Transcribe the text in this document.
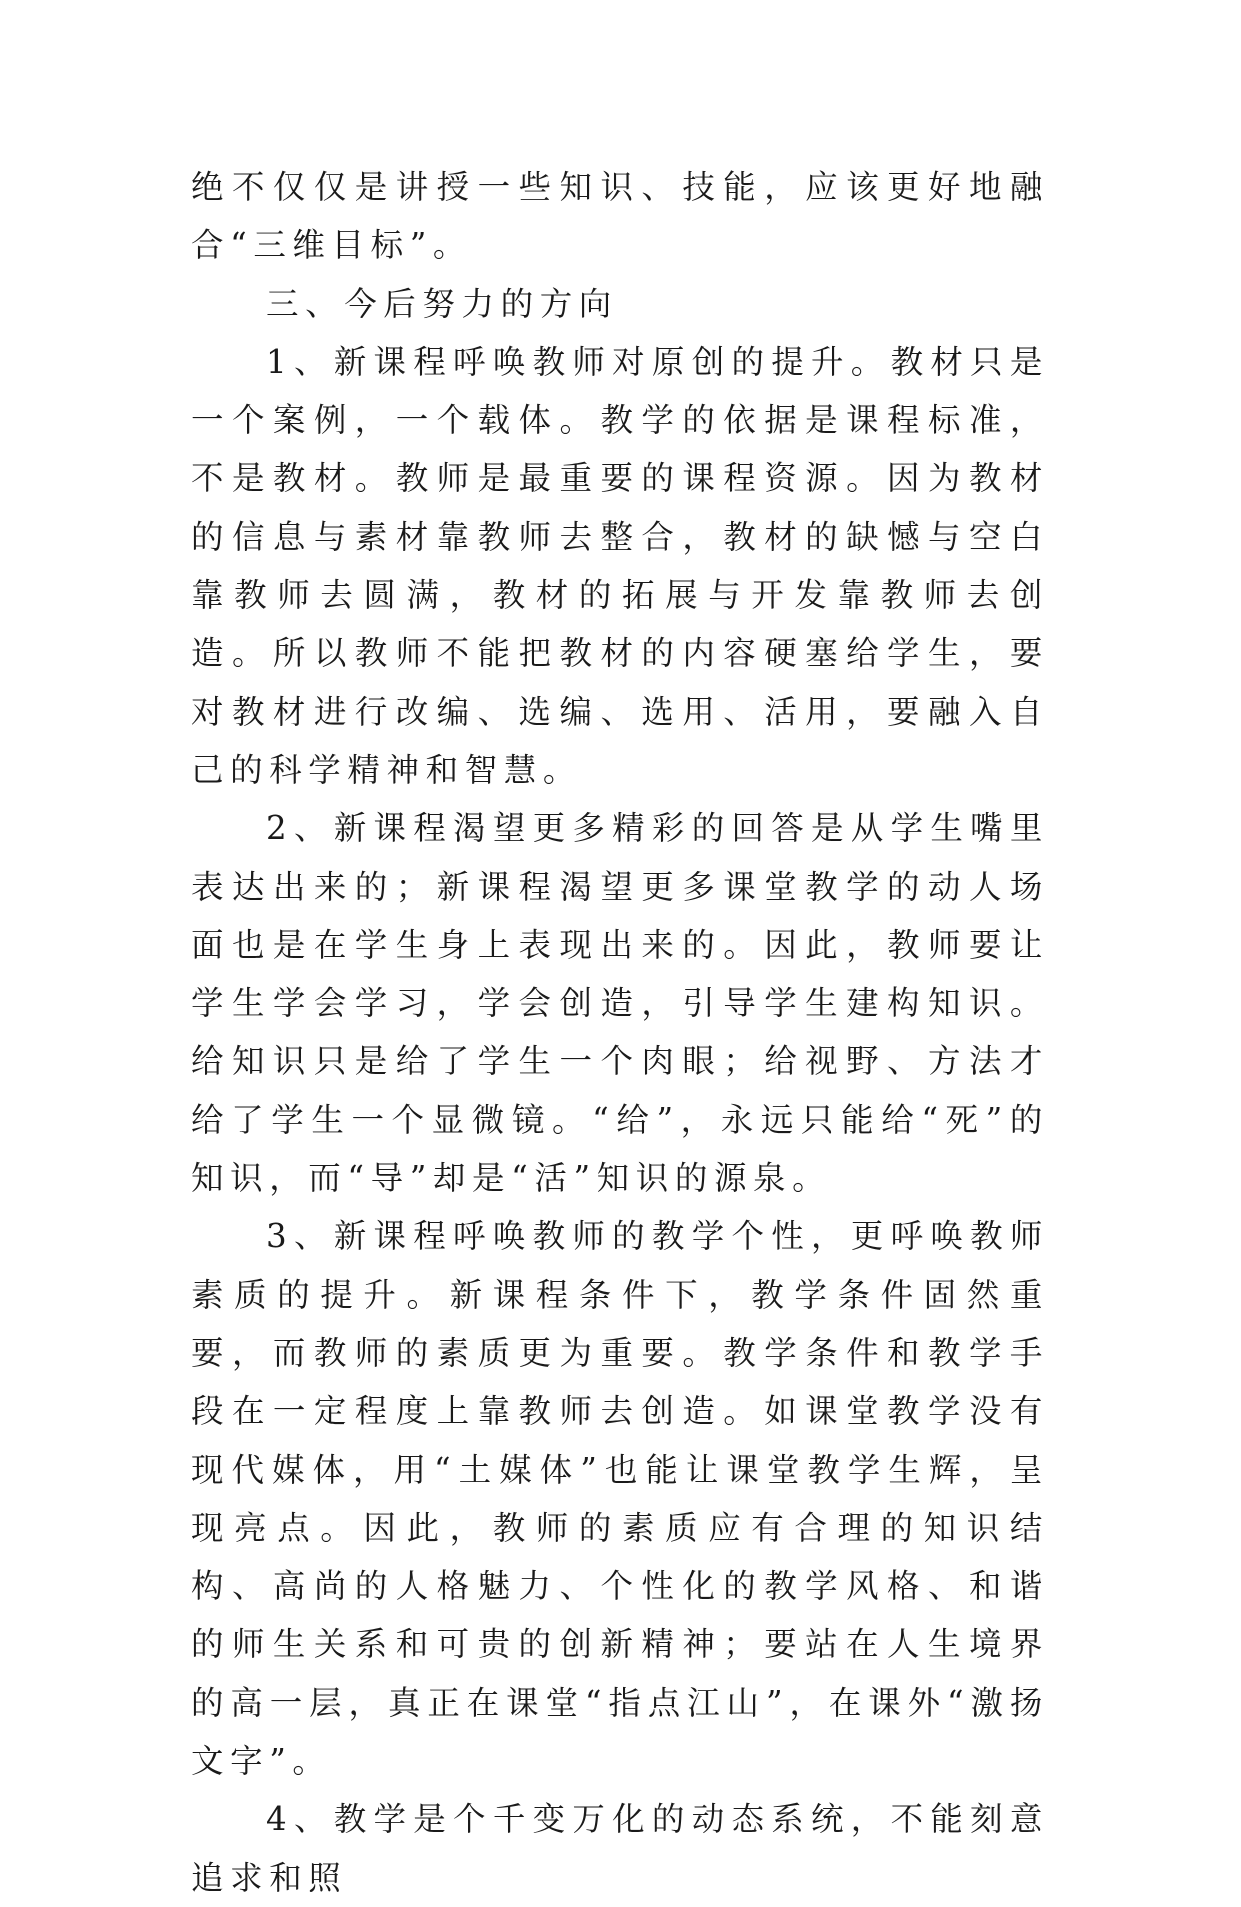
绝不仅仅是讲授一些知识、技能，应该更好地融合“三维目标”。

三、今后努力的方向

1、新课程呼唤教师对原创的提升。教材只是一个案例，一个载体。教学的依据是课程标准，不是教材。教师是最重要的课程资源。因为教材的信息与素材靠教师去整合，教材的缺憾与空白靠教师去圆满，教材的拓展与开发靠教师去创造。所以教师不能把教材的内容硬塞给学生，要对教材进行改编、选编、选用、活用，要融入自己的科学精神和智慧。

2、新课程渴望更多精彩的回答是从学生嘴里表达出来的；新课程渴望更多课堂教学的动人场面也是在学生身上表现出来的。因此，教师要让学生学会学习，学会创造，引导学生建构知识。给知识只是给了学生一个肉眼；给视野、方法才给了学生一个显微镜。“给”，永远只能给“死”的知识，而“导”却是“活”知识的源泉。

3、新课程呼唤教师的教学个性，更呼唤教师素质的提升。新课程条件下，教学条件固然重要，而教师的素质更为重要。教学条件和教学手段在一定程度上靠教师去创造。如课堂教学没有现代媒体，用“土媒体”也能让课堂教学生辉，呈现亮点。因此，教师的素质应有合理的知识结构、高尚的人格魅力、个性化的教学风格、和谐的师生关系和可贵的创新精神；要站在人生境界的高一层，真正在课堂“指点江山”，在课外“激扬文字”。

4、教学是个千变万化的动态系统，不能刻意追求和照
